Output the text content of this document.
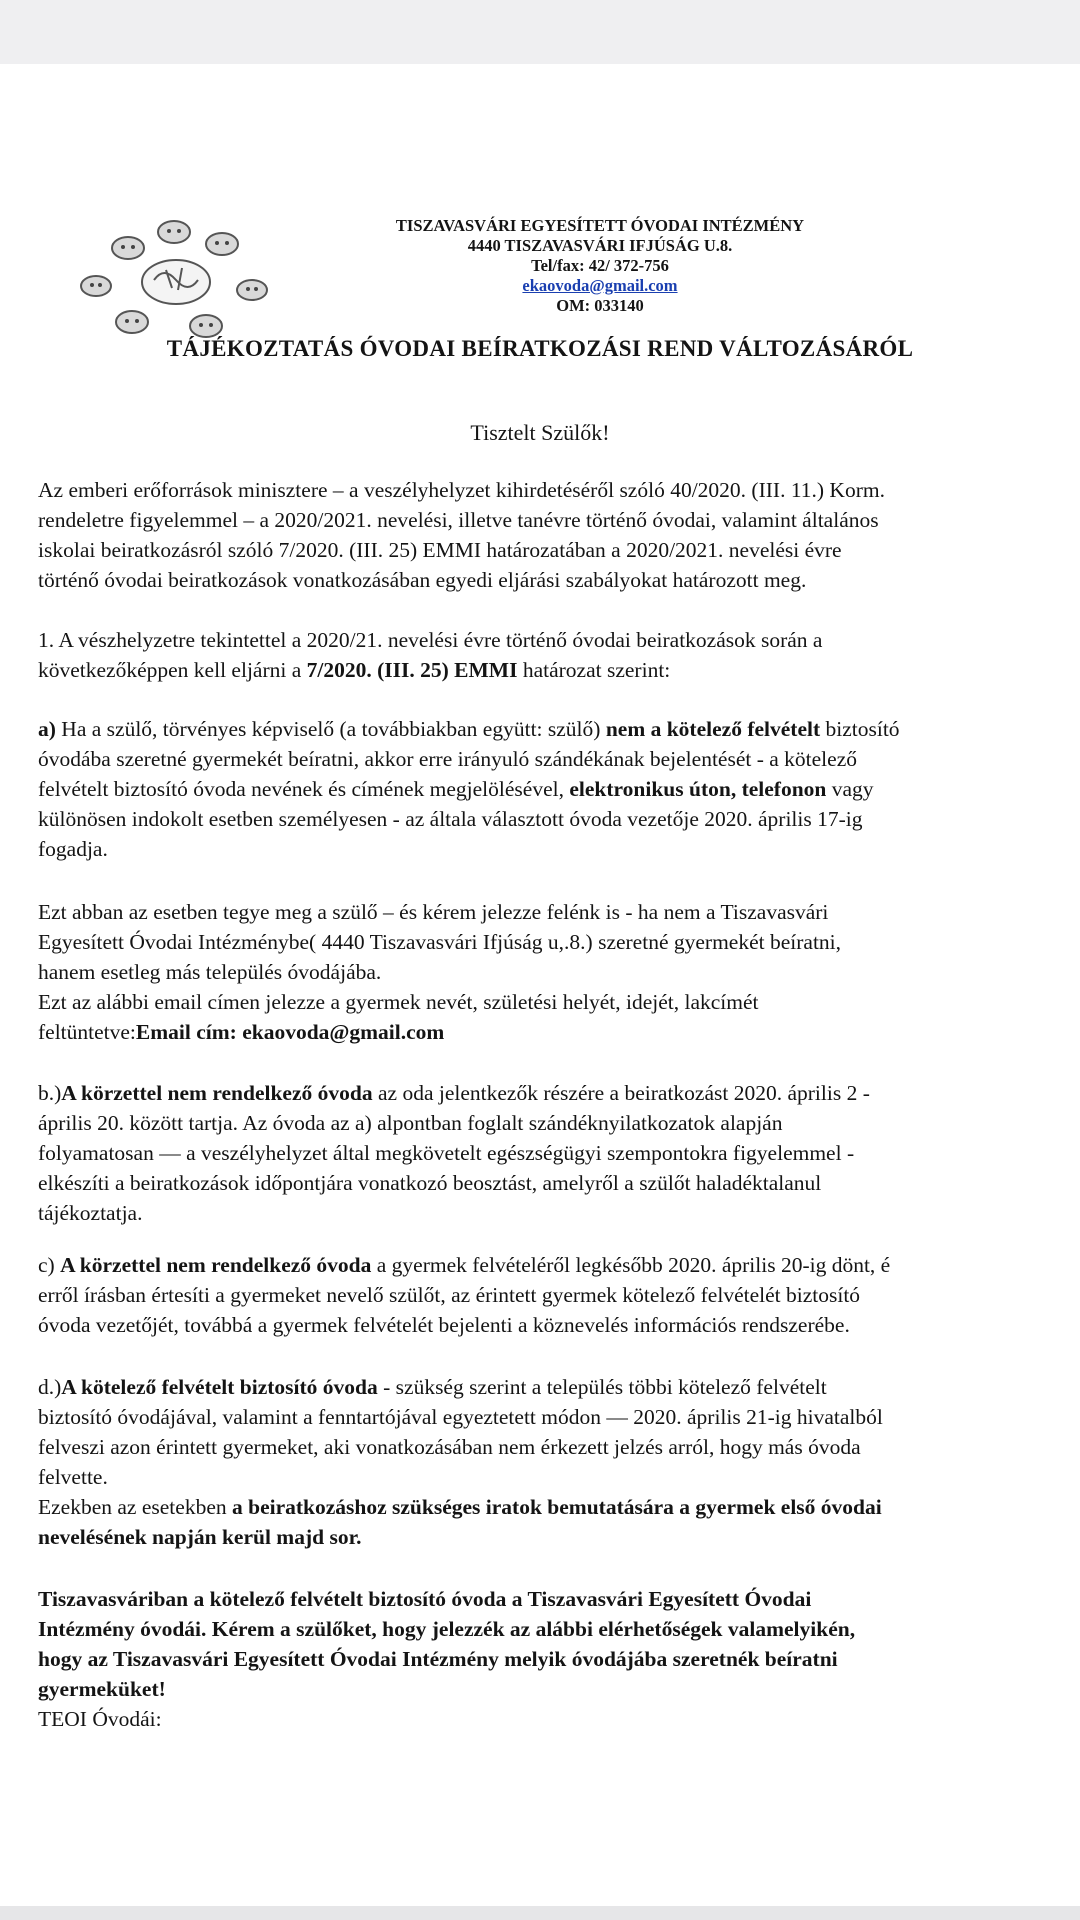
TISZAVASVÁRI EGYESÍTETT ÓVODAI INTÉZMÉNY
4440 TISZAVASVÁRI IFJÚSÁG U.8.
Tel/fax: 42/ 372-756
ekaovoda@gmail.com
OM: 033140
TÁJÉKOZTATÁS ÓVODAI BEÍRATKOZÁSI REND VÁLTOZÁSÁRÓL
Tisztelt Szülők!
Az emberi erőforrások minisztere – a veszélyhelyzet kihirdetéséről szóló 40/2020. (III. 11.) Korm.
rendeletre figyelemmel – a 2020/2021. nevelési, illetve tanévre történő óvodai, valamint általános
iskolai beiratkozásról szóló 7/2020. (III. 25) EMMI határozatában a 2020/2021. nevelési évre
történő óvodai beiratkozások vonatkozásában egyedi eljárási szabályokat határozott meg.
1. A vészhelyzetre tekintettel a 2020/21. nevelési évre történő óvodai beiratkozások során a
következőképpen kell eljárni a 7/2020. (III. 25) EMMI határozat szerint:
a) Ha a szülő, törvényes képviselő (a továbbiakban együtt: szülő) nem a kötelező felvételt biztosító
óvodába szeretné gyermekét beíratni, akkor erre irányuló szándékának bejelentését - a kötelező
felvételt biztosító óvoda nevének és címének megjelölésével, elektronikus úton, telefonon vagy
különösen indokolt esetben személyesen - az általa választott óvoda vezetője 2020. április 17-ig
fogadja.
Ezt abban az esetben tegye meg a szülő – és kérem jelezze felénk is - ha nem a Tiszavasvári
Egyesített Óvodai Intézménybe( 4440 Tiszavasvári Ifjúság u,.8.) szeretné gyermekét beíratni,
hanem esetleg más település óvodájába.
Ezt az alábbi email címen jelezze a gyermek nevét, születési helyét, idejét, lakcímét
feltüntetve:Email cím: ekaovoda@gmail.com
b.)A körzettel nem rendelkező óvoda az oda jelentkezők részére a beiratkozást 2020. április 2 -
április 20. között tartja. Az óvoda az a) alpontban foglalt szándéknyilatkozatok alapján
folyamatosan — a veszélyhelyzet által megkövetelt egészségügyi szempontokra figyelemmel -
elkészíti a beiratkozások időpontjára vonatkozó beosztást, amelyről a szülőt haladéktalanul
tájékoztatja.
c) A körzettel nem rendelkező óvoda a gyermek felvételéről legkésőbb 2020. április 20-ig dönt, é
erről írásban értesíti a gyermeket nevelő szülőt, az érintett gyermek kötelező felvételét biztosító
óvoda vezetőjét, továbbá a gyermek felvételét bejelenti a köznevelés információs rendszerébe.
d.)A kötelező felvételt biztosító óvoda - szükség szerint a település többi kötelező felvételt
biztosító óvodájával, valamint a fenntartójával egyeztetett módon — 2020. április 21-ig hivatalból
felveszi azon érintett gyermeket, aki vonatkozásában nem érkezett jelzés arról, hogy más óvoda
felvette.
Ezekben az esetekben a beiratkozáshoz szükséges iratok bemutatására a gyermek első óvodai
nevelésének napján kerül majd sor.
Tiszavasváriban a kötelező felvételt biztosító óvoda a Tiszavasvári Egyesített Óvodai
Intézmény óvodái. Kérem a szülőket, hogy jelezzék az alábbi elérhetőségek valamelyikén,
hogy az Tiszavasvári Egyesített Óvodai Intézmény melyik óvodájába szeretnék beíratni
gyermeküket!
TEOI Óvodái:
